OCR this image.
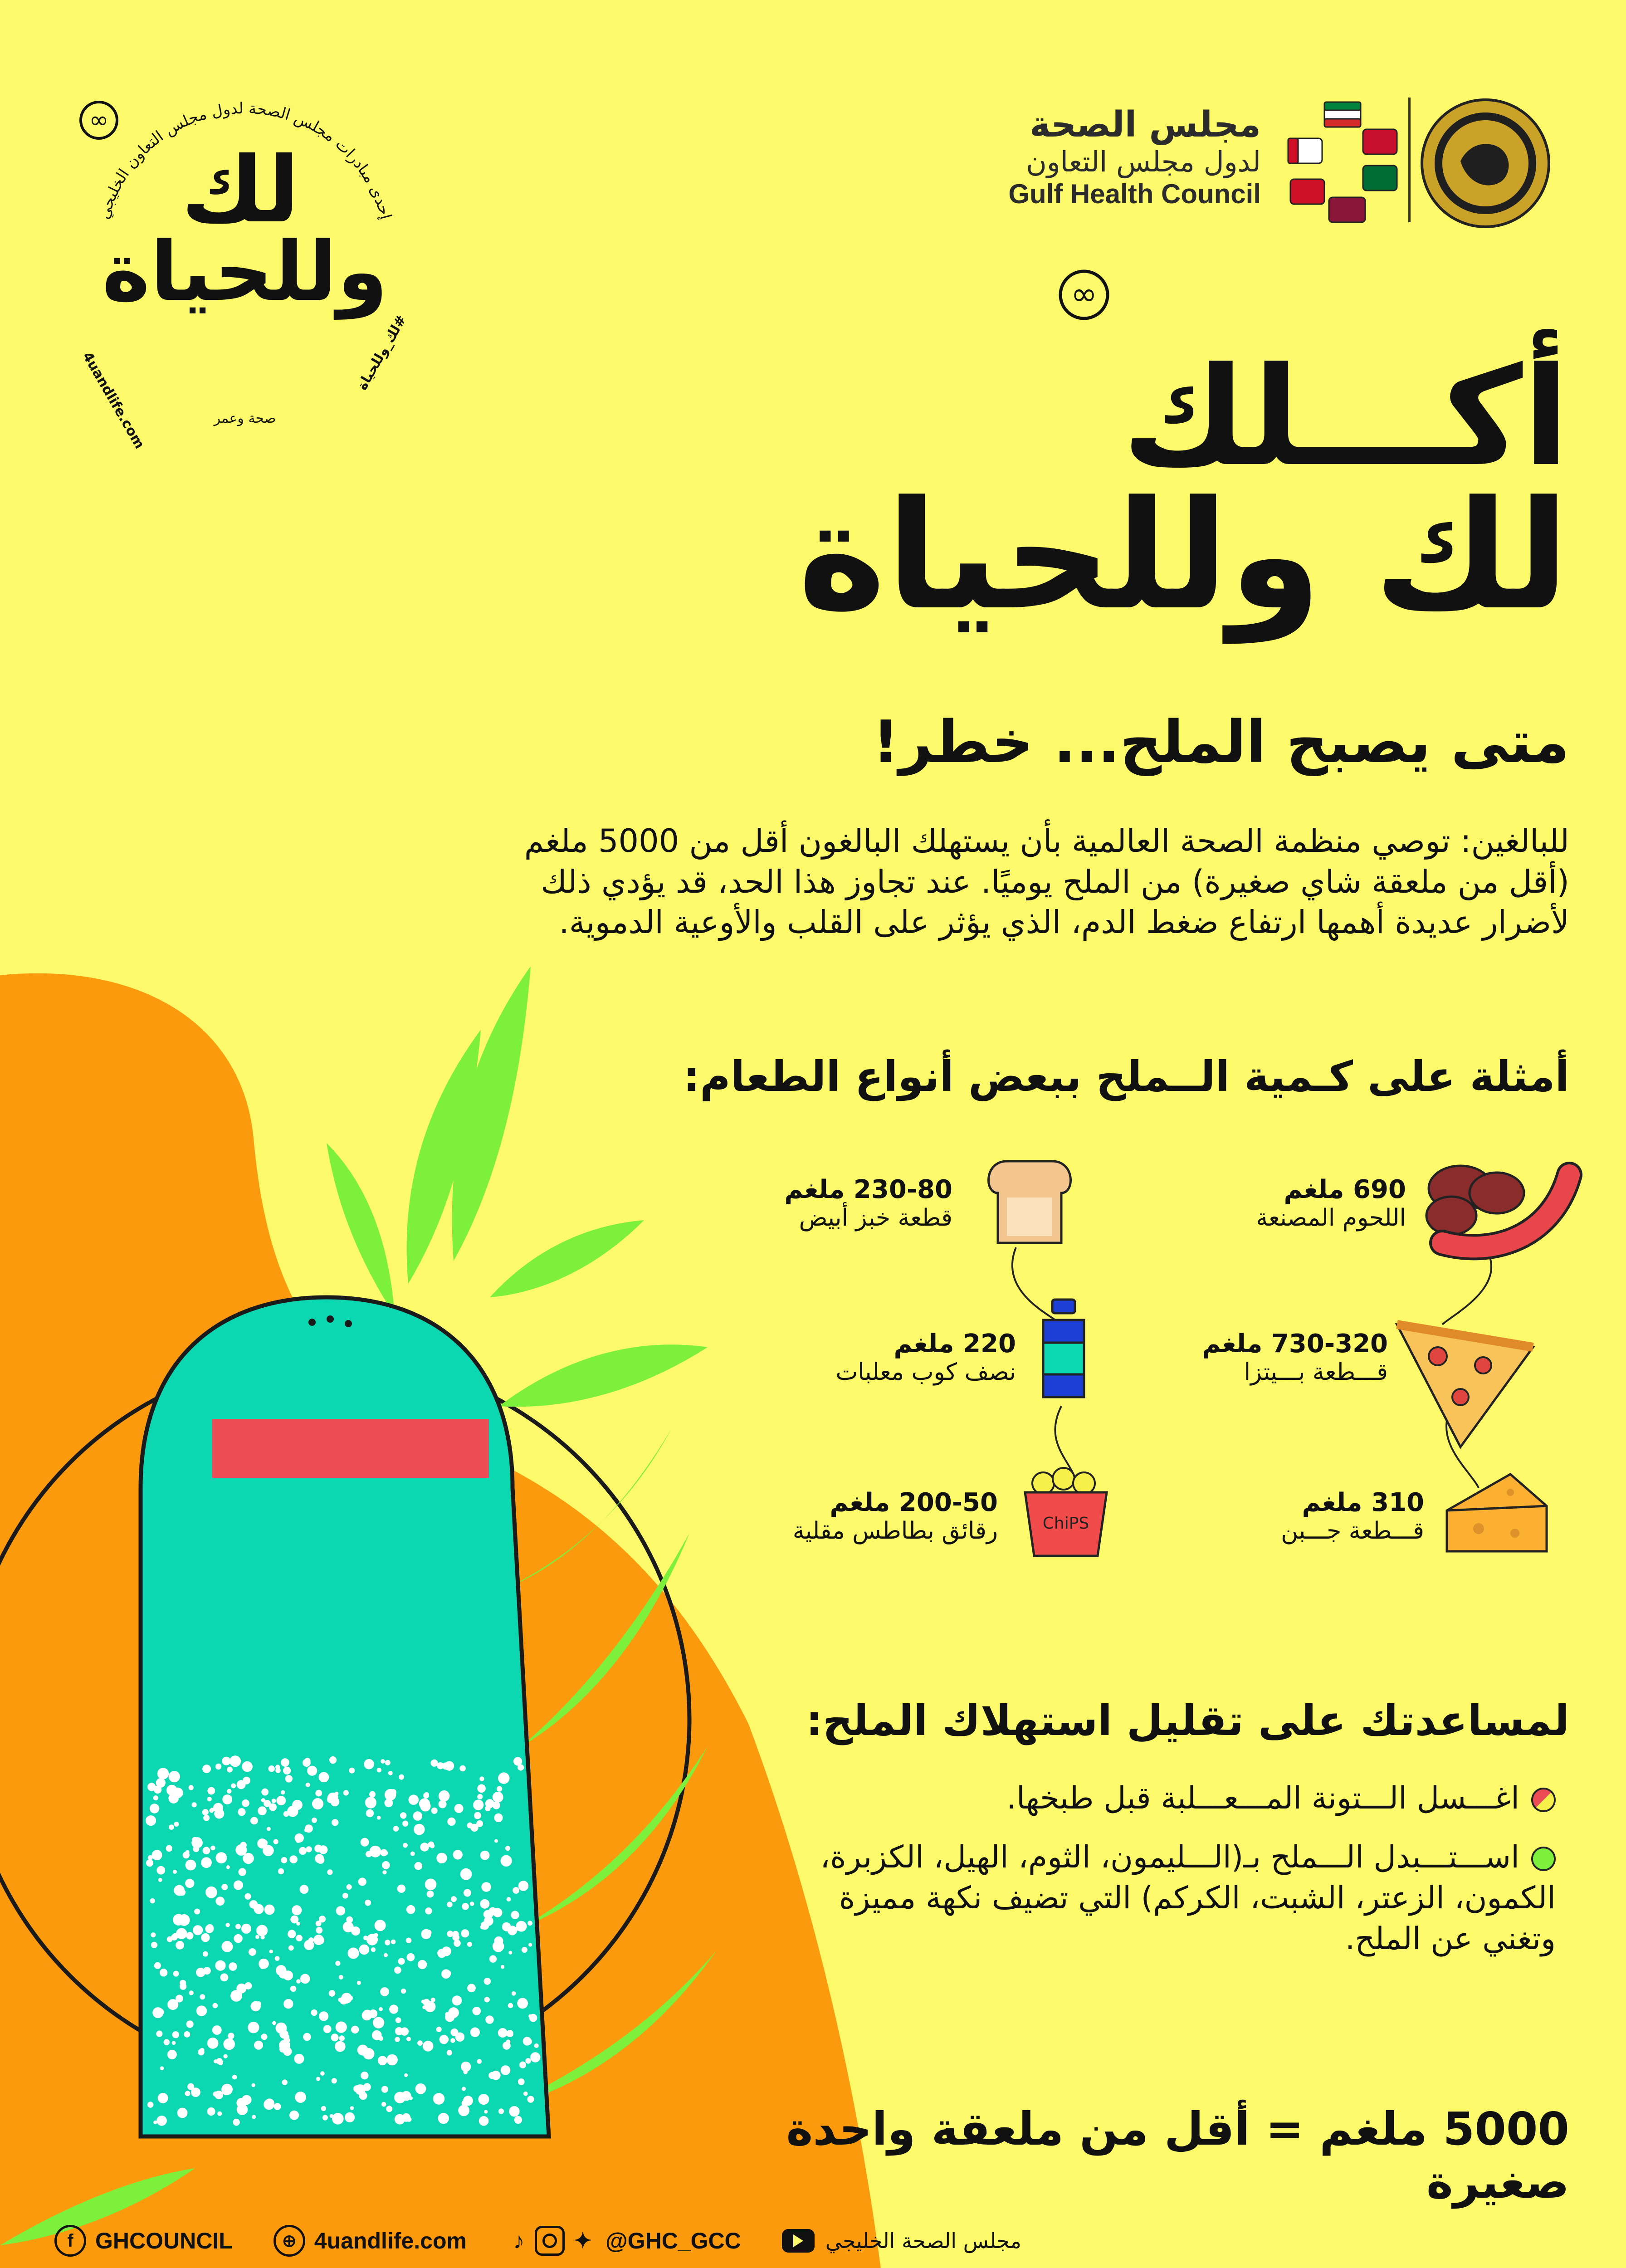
مجلس الصحة
لدول مجلس التعاون
Gulf Health Council
إحدى مبادرات مجلس الصحة لدول مجلس التعاون الخليجي
∞
لك
وللحياة
4uandlife.com	#لك_وللحياة
صحة وعمر
∞
أكـــلك
لك وللحياة
متى يصبح الملح... خطر!
للبالغين: توصي منظمة الصحة العالمية بأن يستهلك البالغون أقل من 5000 ملغم
(أقل من ملعقة شاي صغيرة) من الملح يوميًا. عند تجاوز هذا الحد، قد يؤدي ذلك
لأضرار عديدة أهمها ارتفاع ضغط الدم، الذي يؤثر على القلب والأوعية الدموية.
أمثلة على كـمية الــملح ببعض أنواع الطعام:
690 ملغم
اللحوم المصنعة
230-80 ملغم
قطعة خبز أبيض
730-320 ملغم
قـــطعة بـــيتزا
220 ملغم
نصف كوب معلبات
310 ملغم
قـــطعة جـــبن
ChiPS
200-50 ملغم
رقائق بطاطس مقلية
لمساعدتك على تقليل استهلاك الملح:
اغـــسل الـــتونة المـــعـــلبة قبل طبخها.
اســـتـــبدل الـــملح بـ(الـــليمون، الثوم، الهيل، الكزبرة،
الكمون، الزعتر، الشبت، الكركم) التي تضيف نكهة مميزة
وتغني عن الملح.
5000 ملغم = أقل من ملعقة واحدة صغيرة
f GHCOUNCIL	⊕ 4uandlife.com ♪ ✦ @GHC_GCC	مجلس الصحة الخليجي
